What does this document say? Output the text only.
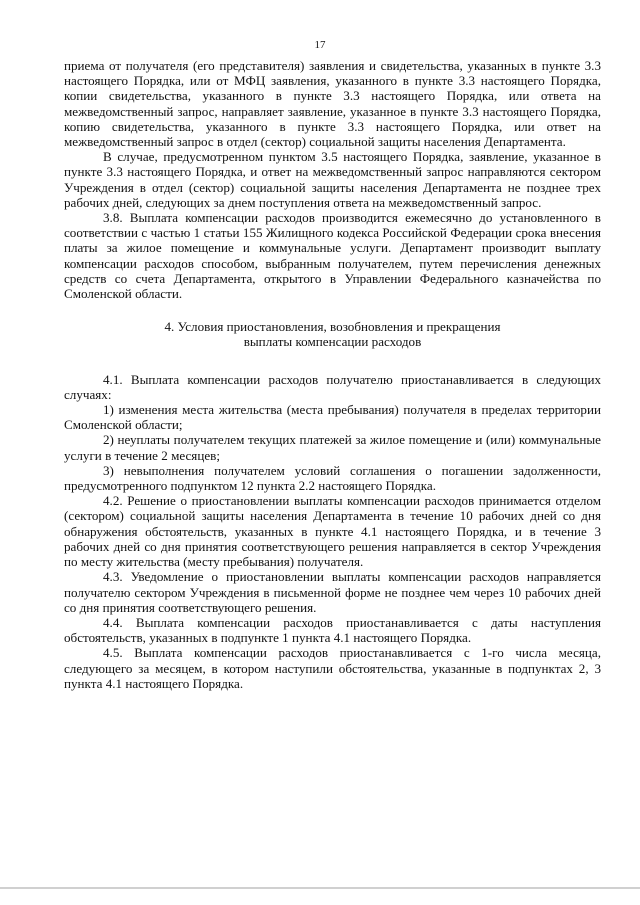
17

приема от получателя (его представителя) заявления и свидетельства, указанных в пункте 3.3 настоящего Порядка, или от МФЦ заявления, указанного в пункте 3.3 настоящего Порядка, копии свидетельства, указанного в пункте 3.3 настоящего Порядка, или ответа на межведомственный запрос, направляет заявление, указанное в пункте 3.3 настоящего Порядка, копию свидетельства, указанного в пункте 3.3 настоящего Порядка, или ответ на межведомственный запрос в отдел (сектор) социальной защиты населения Департамента.

В случае, предусмотренном пунктом 3.5 настоящего Порядка, заявление, указанное в пункте 3.3 настоящего Порядка, и ответ на межведомственный запрос направляются сектором Учреждения в отдел (сектор) социальной защиты населения Департамента не позднее трех рабочих дней, следующих за днем поступления ответа на межведомственный запрос.

3.8. Выплата компенсации расходов производится ежемесячно до установленного в соответствии с частью 1 статьи 155 Жилищного кодекса Российской Федерации срока внесения платы за жилое помещение и коммунальные услуги. Департамент производит выплату компенсации расходов способом, выбранным получателем, путем перечисления денежных средств со счета Департамента, открытого в Управлении Федерального казначейства по Смоленской области.

4. Условия приостановления, возобновления и прекращения
выплаты компенсации расходов

4.1. Выплата компенсации расходов получателю приостанавливается в следующих случаях:

1) изменения места жительства (места пребывания) получателя в пределах территории Смоленской области;

2) неуплаты получателем текущих платежей за жилое помещение и (или) коммунальные услуги в течение 2 месяцев;

3) невыполнения получателем условий соглашения о погашении задолженности, предусмотренного подпунктом 12 пункта 2.2 настоящего Порядка.

4.2. Решение о приостановлении выплаты компенсации расходов принимается отделом (сектором) социальной защиты населения Департамента в течение 10 рабочих дней со дня обнаружения обстоятельств, указанных в пункте 4.1 настоящего Порядка, и в течение 3 рабочих дней со дня принятия соответствующего решения направляется в сектор Учреждения по месту жительства (месту пребывания) получателя.

4.3. Уведомление о приостановлении выплаты компенсации расходов направляется получателю сектором Учреждения в письменной форме не позднее чем через 10 рабочих дней со дня принятия соответствующего решения.

4.4. Выплата компенсации расходов приостанавливается с даты наступления обстоятельств, указанных в подпункте 1 пункта 4.1 настоящего Порядка.

4.5. Выплата компенсации расходов приостанавливается с 1-го числа месяца, следующего за месяцем, в котором наступили обстоятельства, указанные в подпунктах 2, 3 пункта 4.1 настоящего Порядка.
